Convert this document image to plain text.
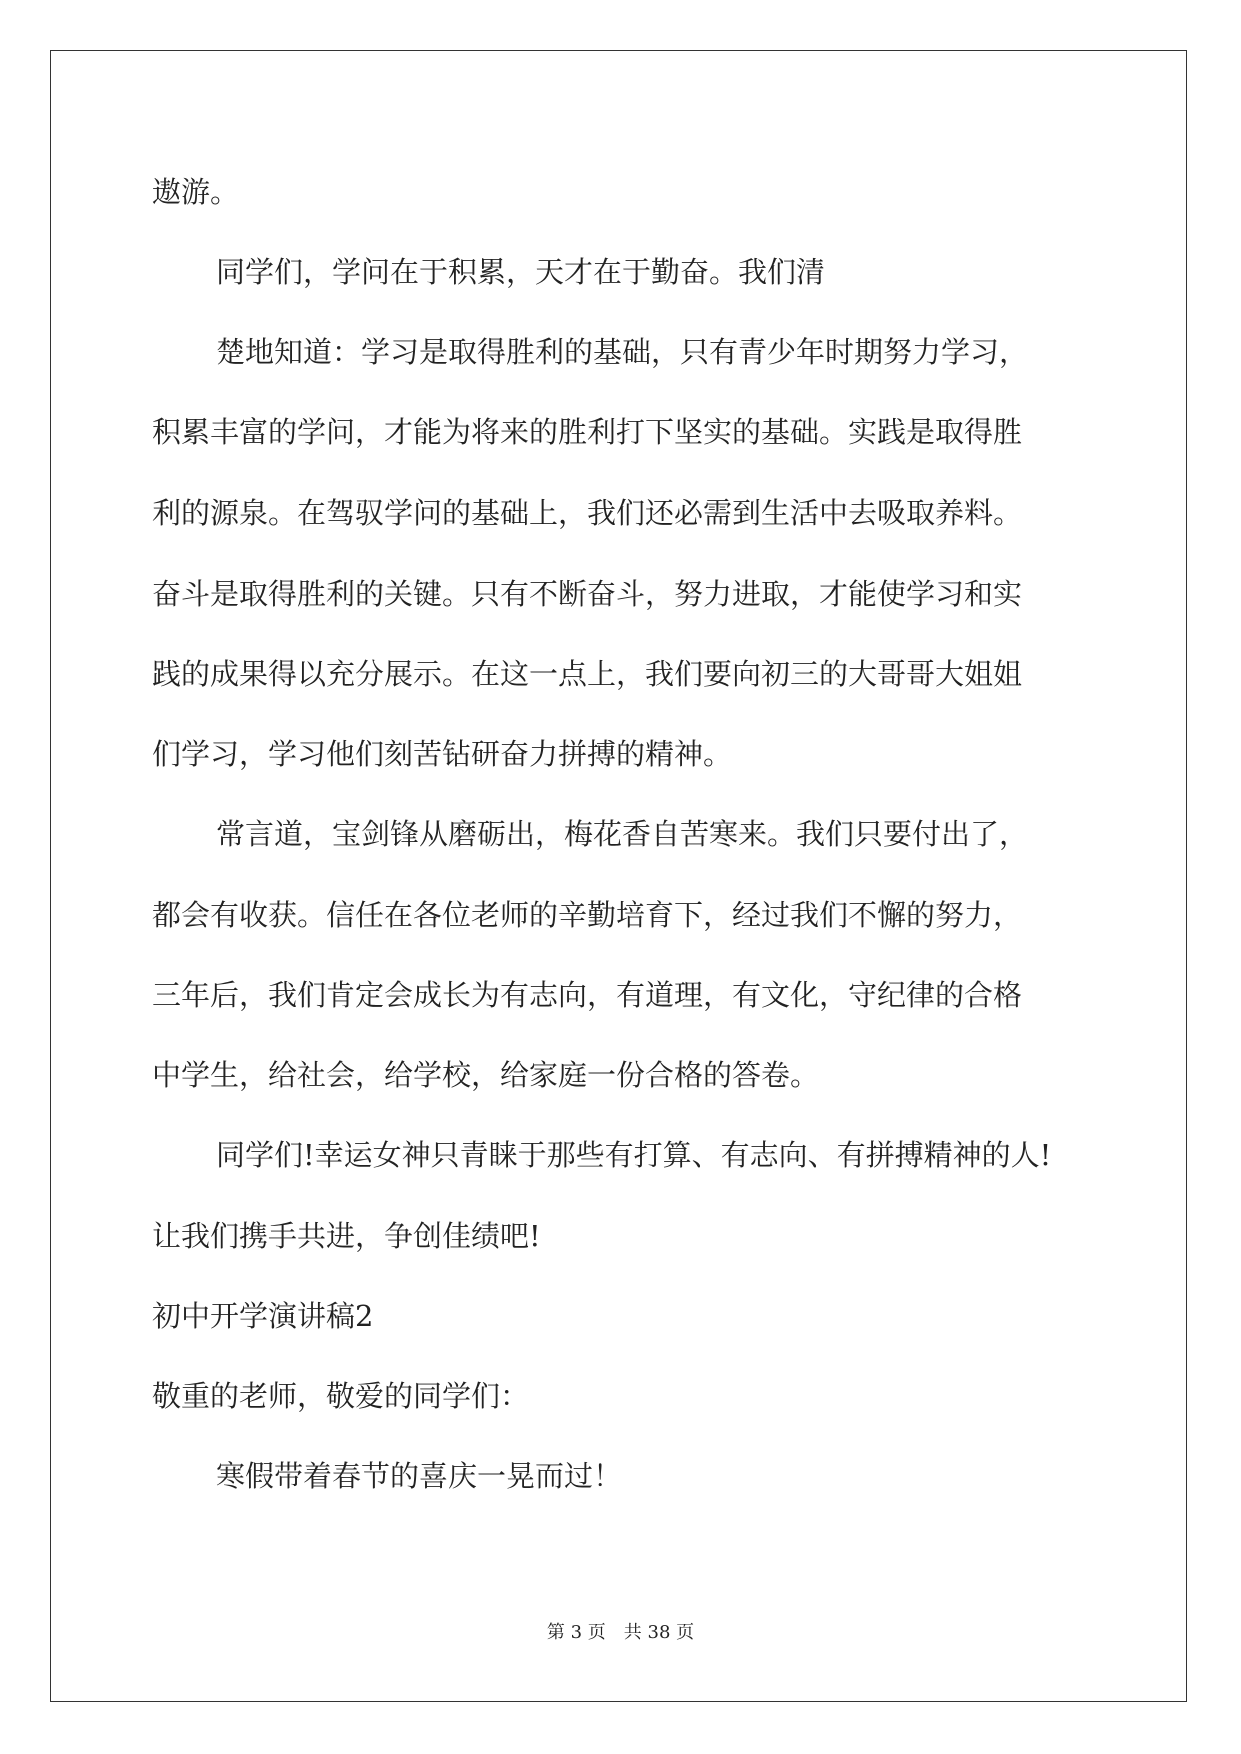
遨游。

同学们，学问在于积累，天才在于勤奋。我们清

楚地知道：学习是取得胜利的基础，只有青少年时期努力学习，

积累丰富的学问，才能为将来的胜利打下坚实的基础。实践是取得胜

利的源泉。在驾驭学问的基础上，我们还必需到生活中去吸取养料。

奋斗是取得胜利的关键。只有不断奋斗，努力进取，才能使学习和实

践的成果得以充分展示。在这一点上，我们要向初三的大哥哥大姐姐

们学习，学习他们刻苦钻研奋力拼搏的精神。

常言道，宝剑锋从磨砺出，梅花香自苦寒来。我们只要付出了，

都会有收获。信任在各位老师的辛勤培育下，经过我们不懈的努力，

三年后，我们肯定会成长为有志向，有道理，有文化，守纪律的合格

中学生，给社会，给学校，给家庭一份合格的答卷。

同学们!幸运女神只青睐于那些有打算、有志向、有拼搏精神的人!

让我们携手共进，争创佳绩吧!

初中开学演讲稿2

敬重的老师，敬爱的同学们：

寒假带着春节的喜庆一晃而过！

第 3 页　共 38 页
